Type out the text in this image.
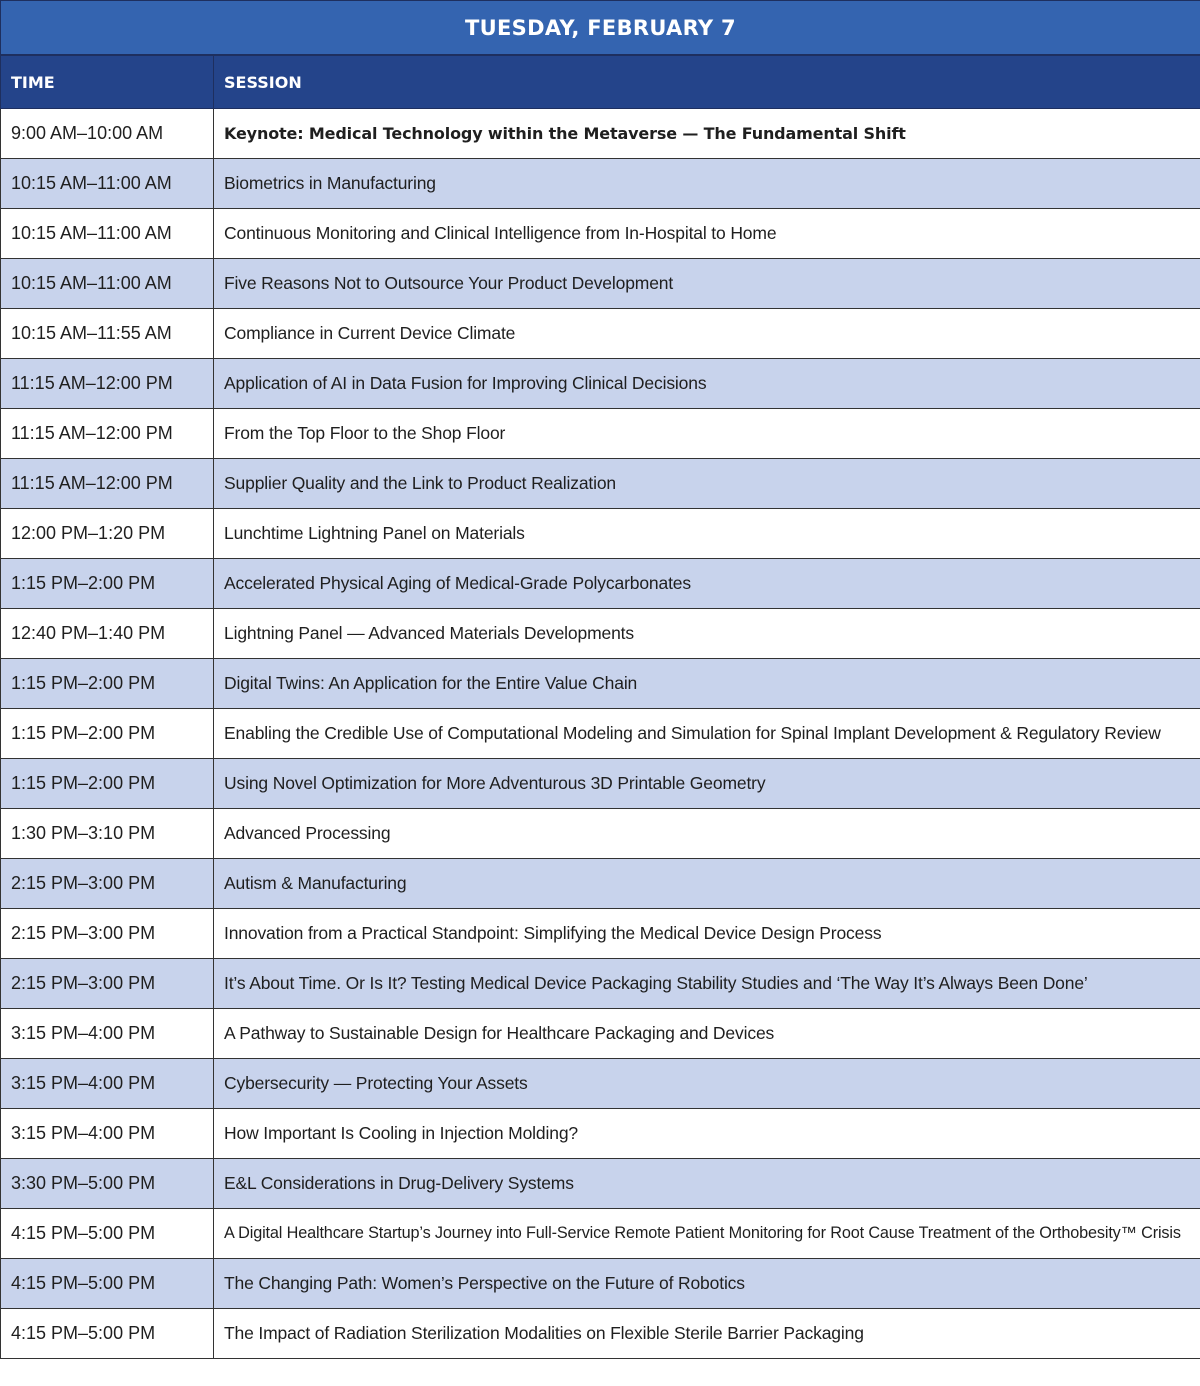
TUESDAY, FEBRUARY 7	
TIME	SESSION
9:00 AM–10:00 AM	Keynote: Medical Technology within the Metaverse — The Fundamental Shift
10:15 AM–11:00 AM	Biometrics in Manufacturing
10:15 AM–11:00 AM	Continuous Monitoring and Clinical Intelligence from In-Hospital to Home
10:15 AM–11:00 AM	Five Reasons Not to Outsource Your Product Development
10:15 AM–11:55 AM	Compliance in Current Device Climate
11:15 AM–12:00 PM	Application of AI in Data Fusion for Improving Clinical Decisions
11:15 AM–12:00 PM	From the Top Floor to the Shop Floor
11:15 AM–12:00 PM	Supplier Quality and the Link to Product Realization
12:00 PM–1:20 PM	Lunchtime Lightning Panel on Materials
1:15 PM–2:00 PM	Accelerated Physical Aging of Medical-Grade Polycarbonates
12:40 PM–1:40 PM	Lightning Panel — Advanced Materials Developments
1:15 PM–2:00 PM	Digital Twins: An Application for the Entire Value Chain
1:15 PM–2:00 PM	Enabling the Credible Use of Computational Modeling and Simulation for Spinal Implant Development & Regulatory Review
1:15 PM–2:00 PM	Using Novel Optimization for More Adventurous 3D Printable Geometry
1:30 PM–3:10 PM	Advanced Processing
2:15 PM–3:00 PM	Autism & Manufacturing
2:15 PM–3:00 PM	Innovation from a Practical Standpoint: Simplifying the Medical Device Design Process
2:15 PM–3:00 PM	It’s About Time. Or Is It? Testing Medical Device Packaging Stability Studies and ‘The Way It’s Always Been Done’
3:15 PM–4:00 PM	A Pathway to Sustainable Design for Healthcare Packaging and Devices
3:15 PM–4:00 PM	Cybersecurity — Protecting Your Assets
3:15 PM–4:00 PM	How Important Is Cooling in Injection Molding?
3:30 PM–5:00 PM	E&L Considerations in Drug-Delivery Systems
4:15 PM–5:00 PM	A Digital Healthcare Startup’s Journey into Full-Service Remote Patient Monitoring for Root Cause Treatment of the Orthobesity™ Crisis
4:15 PM–5:00 PM	The Changing Path: Women’s Perspective on the Future of Robotics
4:15 PM–5:00 PM	The Impact of Radiation Sterilization Modalities on Flexible Sterile Barrier Packaging
